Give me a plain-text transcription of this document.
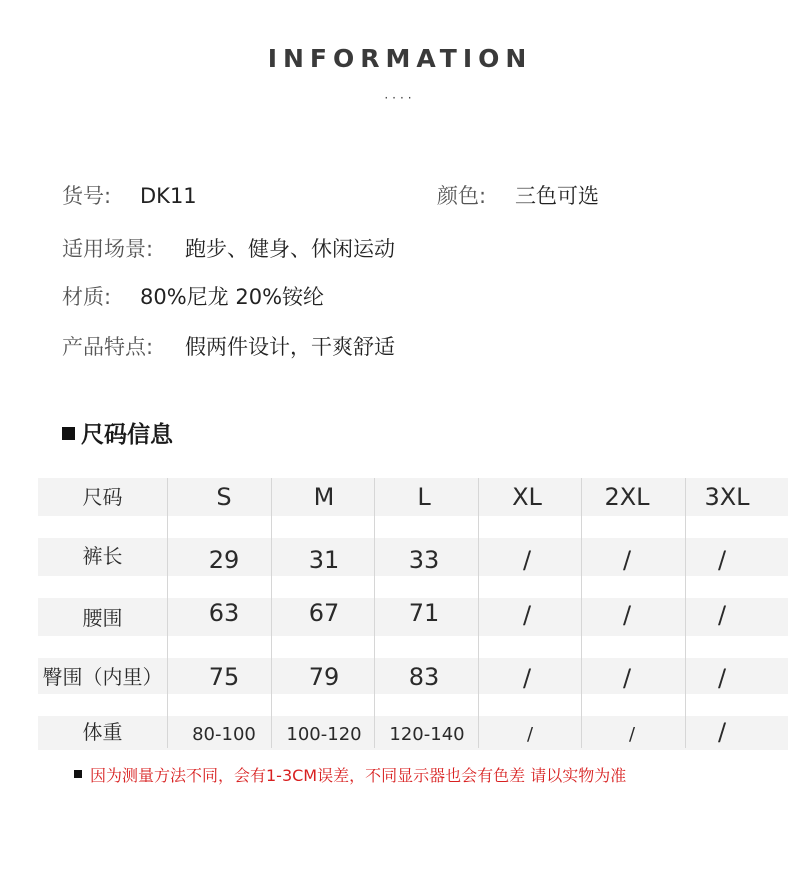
INFORMATION
····
货号: DK11	颜色: 三色可选
适用场景: 跑步、健身、休闲运动
材质: 80%尼龙 20%铵纶
产品特点: 假两件设计，干爽舒适
尺码信息
尺码	S	M	L	XL	2XL	3XL
裤长	29	31	33	/	/	/
腰围	63	67	71	/	/	/
臀围（内里）	75	79	83	/	/	/
体重	80-100	100-120	120-140	/	/	/
因为测量方法不同，会有1-3CM误差，不同显示器也会有色差 请以实物为准
